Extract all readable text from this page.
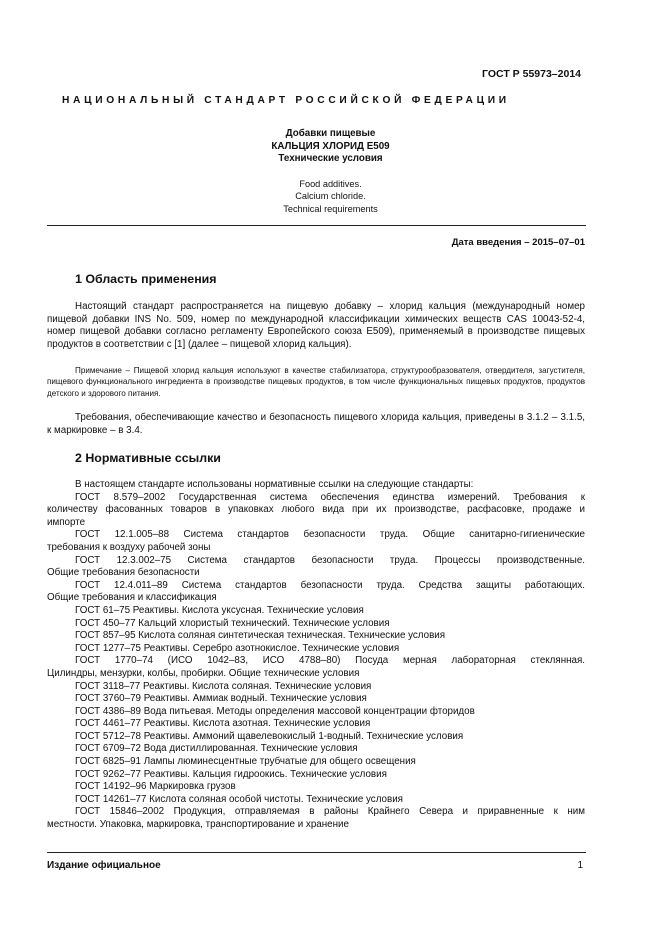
ГОСТ Р 55973–2014
НАЦИОНАЛЬНЫЙ СТАНДАРТ РОССИЙСКОЙ ФЕДЕРАЦИИ
Добавки пищевые
КАЛЬЦИЯ ХЛОРИД Е509
Технические условия
Food additives.
Calcium chloride.
Technical requirements
Дата введения – 2015–07–01
1 Область применения
Настоящий стандарт распространяется на пищевую добавку – хлорид кальция (международный номер пищевой добавки INS No. 509, номер по международной классификации химических веществ CAS 10043-52-4, номер пищевой добавки согласно регламенту Европейского союза Е509), применяемый в производстве пищевых продуктов в соответствии с [1] (далее – пищевой хлорид кальция).
Примечание – Пищевой хлорид кальция используют в качестве стабилизатора, структурообразователя, отвердителя, загустителя, пищевого функционального ингредиента в производстве пищевых продуктов, в том числе функциональных пищевых продуктов, продуктов детского и здорового питания.
Требования, обеспечивающие качество и безопасность пищевого хлорида кальция, приведены в 3.1.2 – 3.1.5, к маркировке – в 3.4.
2 Нормативные ссылки
В настоящем стандарте использованы нормативные ссылки на следующие стандарты:
ГОСТ 8.579–2002 Государственная система обеспечения единства измерений. Требования к
количеству фасованных товаров в упаковках любого вида при их производстве, расфасовке, продаже и
импорте
ГОСТ 12.1.005–88 Система стандартов безопасности труда. Общие санитарно-гигиенические
требования к воздуху рабочей зоны
ГОСТ 12.3.002–75 Система стандартов безопасности труда. Процессы производственные.
Общие требования безопасности
ГОСТ 12.4.011–89 Система стандартов безопасности труда. Средства защиты работающих.
Общие требования и классификация
ГОСТ 61–75 Реактивы. Кислота уксусная. Технические условия
ГОСТ 450–77 Кальций хлористый технический. Технические условия
ГОСТ 857–95 Кислота соляная синтетическая техническая. Технические условия
ГОСТ 1277–75 Реактивы. Серебро азотнокислое. Технические условия
ГОСТ 1770–74 (ИСО 1042–83, ИСО 4788–80) Посуда мерная лабораторная стеклянная.
Цилиндры, мензурки, колбы, пробирки. Общие технические условия
ГОСТ 3118–77 Реактивы. Кислота соляная. Технические условия
ГОСТ 3760–79 Реактивы. Аммиак водный. Технические условия
ГОСТ 4386–89 Вода питьевая. Методы определения массовой концентрации фторидов
ГОСТ 4461–77 Реактивы. Кислота азотная. Технические условия
ГОСТ 5712–78 Реактивы. Аммоний щавелевокислый 1-водный. Технические условия
ГОСТ 6709–72 Вода дистиллированная. Технические условия
ГОСТ 6825–91 Лампы люминесцентные трубчатые для общего освещения
ГОСТ 9262–77 Реактивы. Кальция гидроокись. Технические условия
ГОСТ 14192–96 Маркировка грузов
ГОСТ 14261–77 Кислота соляная особой чистоты. Технические условия
ГОСТ 15846–2002 Продукция, отправляемая в районы Крайнего Севера и приравненные к ним
местности. Упаковка, маркировка, транспортирование и хранение
Издание официальное	1
